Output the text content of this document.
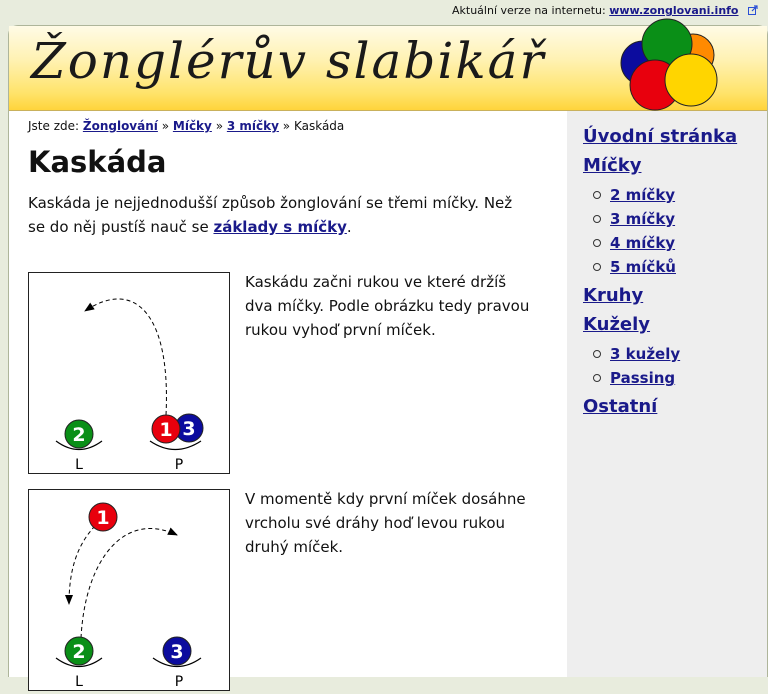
Aktuální verze na internetu: www.zonglovani.info
Žonglérův slabikář
Jste zde: Žonglování » Míčky » 3 míčky » Kaskáda
Kaskáda

Kaskáda je nejjednodušší způsob žonglování se třemi míčky. Než se do něj pustíš nauč se základy s míčky.

2	3
1
L	P

Kaskádu začni rukou ve které držíš dva míčky. Podle obrázku tedy pravou rukou vyhoď první míček.

1
2	3
L	P

V momentě kdy první míček dosáhne vrcholu své dráhy hoď levou rukou druhý míček.

Úvodní stránka
Míčky
2 míčky
3 míčky
4 míčky
5 míčků
Kruhy
Kužely
3 kužely
Passing
Ostatní
